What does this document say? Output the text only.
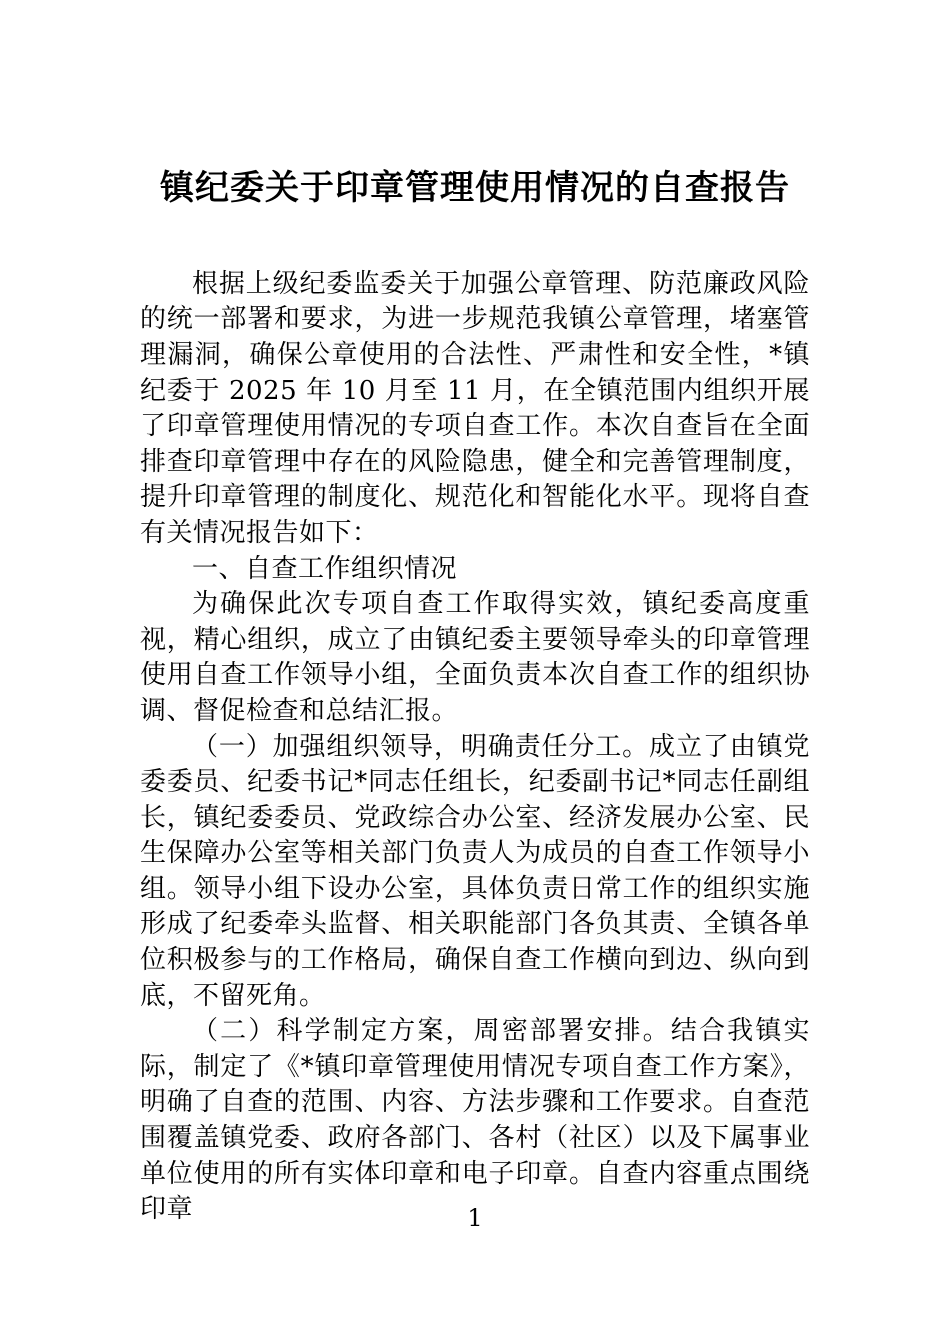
镇纪委关于印章管理使用情况的自查报告

根据上级纪委监委关于加强公章管理、防范廉政风险的统一部署和要求，为进一步规范我镇公章管理，堵塞管理漏洞，确保公章使用的合法性、严肃性和安全性，*镇纪委于 2025 年 10 月至 11 月，在全镇范围内组织开展了印章管理使用情况的专项自查工作。本次自查旨在全面排查印章管理中存在的风险隐患，健全和完善管理制度，提升印章管理的制度化、规范化和智能化水平。现将自查有关情况报告如下：

一、自查工作组织情况

为确保此次专项自查工作取得实效，镇纪委高度重视，精心组织，成立了由镇纪委主要领导牵头的印章管理使用自查工作领导小组，全面负责本次自查工作的组织协调、督促检查和总结汇报。

（一）加强组织领导，明确责任分工。成立了由镇党委委员、纪委书记*同志任组长，纪委副书记*同志任副组长，镇纪委委员、党政综合办公室、经济发展办公室、民生保障办公室等相关部门负责人为成员的自查工作领导小组。领导小组下设办公室，具体负责日常工作的组织实施形成了纪委牵头监督、相关职能部门各负其责、全镇各单位积极参与的工作格局，确保自查工作横向到边、纵向到底，不留死角。

（二）科学制定方案，周密部署安排。结合我镇实际，制定了《*镇印章管理使用情况专项自查工作方案》，明确了自查的范围、内容、方法步骤和工作要求。自查范围覆盖镇党委、政府各部门、各村（社区）以及下属事业单位使用的所有实体印章和电子印章。自查内容重点围绕印章	1
